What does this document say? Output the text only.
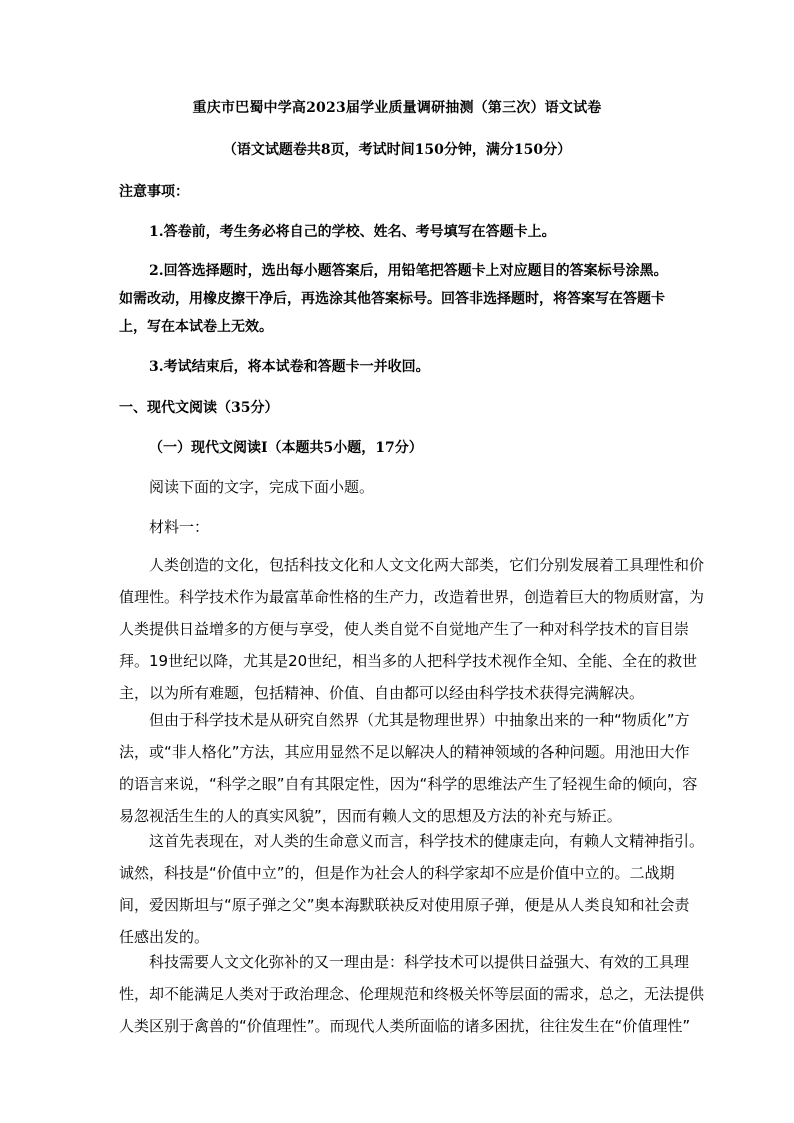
重庆市巴蜀中学高2023届学业质量调研抽测（第三次）语文试卷
（语文试题卷共8页，考试时间150分钟，满分150分）
注意事项：
1.答卷前，考生务必将自己的学校、姓名、考号填写在答题卡上。
2.回答选择题时，选出每小题答案后，用铅笔把答题卡上对应题目的答案标号涂黑。
如需改动，用橡皮擦干净后，再选涂其他答案标号。回答非选择题时，将答案写在答题卡
上，写在本试卷上无效。
3.考试结束后，将本试卷和答题卡一并收回。
一、现代文阅读（35分）
（一）现代文阅读Ⅰ（本题共5小题，17分）
阅读下面的文字，完成下面小题。
材料一：
人类创造的文化，包括科技文化和人文文化两大部类，它们分别发展着工具理性和价
值理性。科学技术作为最富革命性格的生产力，改造着世界，创造着巨大的物质财富，为
人类提供日益增多的方便与享受，使人类自觉不自觉地产生了一种对科学技术的盲目崇
拜。19世纪以降，尤其是20世纪，相当多的人把科学技术视作全知、全能、全在的救世
主，以为所有难题，包括精神、价值、自由都可以经由科学技术获得完满解决。
但由于科学技术是从研究自然界（尤其是物理世界）中抽象出来的一种“物质化”方
法，或“非人格化”方法，其应用显然不足以解决人的精神领域的各种问题。用池田大作
的语言来说，“科学之眼”自有其限定性，因为“科学的思维法产生了轻视生命的倾向，容
易忽视活生生的人的真实风貌”，因而有赖人文的思想及方法的补充与矫正。
这首先表现在，对人类的生命意义而言，科学技术的健康走向，有赖人文精神指引。
诚然，科技是“价值中立”的，但是作为社会人的科学家却不应是价值中立的。二战期
间，爱因斯坦与“原子弹之父”奥本海默联袂反对使用原子弹，便是从人类良知和社会责
任感出发的。
科技需要人文文化弥补的又一理由是：科学技术可以提供日益强大、有效的工具理
性，却不能满足人类对于政治理念、伦理规范和终极关怀等层面的需求，总之，无法提供
人类区别于禽兽的“价值理性”。而现代人类所面临的诸多困扰，往往发生在“价值理性”
